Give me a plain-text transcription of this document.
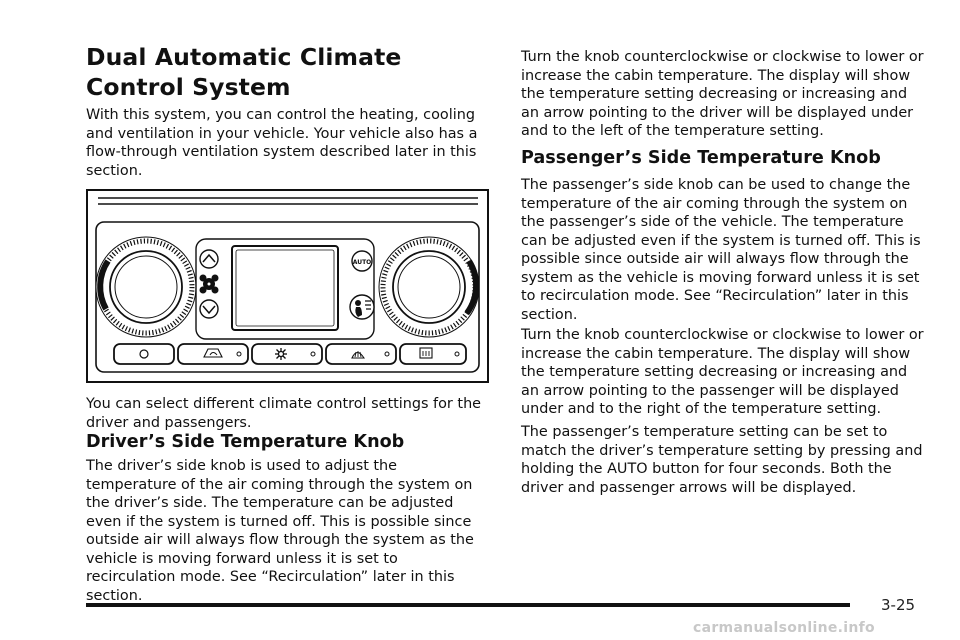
Dual Automatic Climate Control System

With this system, you can control the heating, cooling and ventilation in your vehicle. Your vehicle also has a flow-through ventilation system described later in this section.

AUTO

You can select different climate control settings for the driver and passengers.

Driver’s Side Temperature Knob

The driver’s side knob is used to adjust the temperature of the air coming through the system on the driver’s side. The temperature can be adjusted even if the system is turned off. This is possible since outside air will always flow through the system as the vehicle is moving forward unless it is set to recirculation mode. See “Recirculation” later in this section.

Turn the knob counterclockwise or clockwise to lower or increase the cabin temperature. The display will show the temperature setting decreasing or increasing and an arrow pointing to the driver will be displayed under and to the left of the temperature setting.

Passenger’s Side Temperature Knob

The passenger’s side knob can be used to change the temperature of the air coming through the system on the passenger’s side of the vehicle. The temperature can be adjusted even if the system is turned off. This is possible since outside air will always flow through the system as the vehicle is moving forward unless it is set to recirculation mode. See “Recirculation” later in this section.

Turn the knob counterclockwise or clockwise to lower or increase the cabin temperature. The display will show the temperature setting decreasing or increasing and an arrow pointing to the passenger will be displayed under and to the right of the temperature setting.

The passenger’s temperature setting can be set to match the driver’s temperature setting by pressing and holding the AUTO button for four seconds. Both the driver and passenger arrows will be displayed.

3-25
carmanualsonline.info
